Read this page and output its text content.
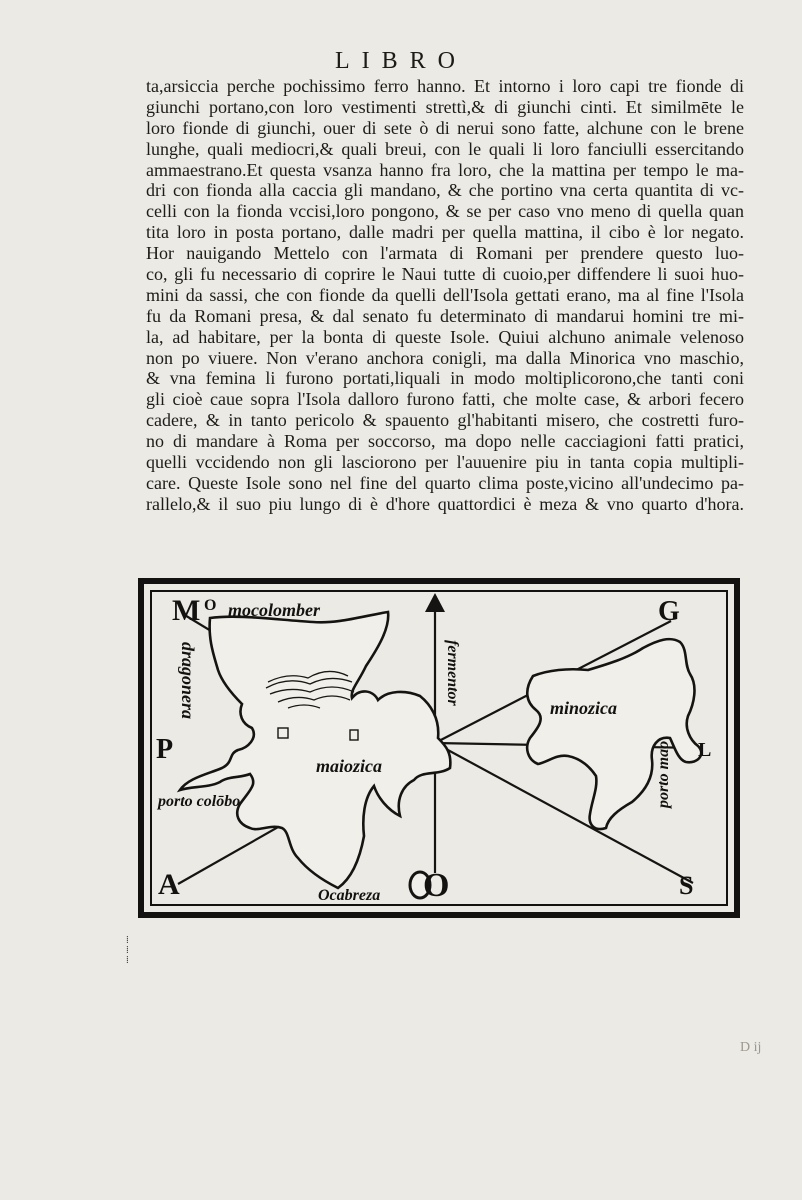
LIBRO
ta,arsiccia perche pochissimo ferro hanno. Et intorno i loro capi tre fionde di
giunchi portano,con loro vestimenti strettì,& di giunchi cinti. Et similmēte le
loro fionde di giunchi, ouer di sete ò di nerui sono fatte, alchune con le brene
lunghe, quali mediocri,& quali breui, con le quali li loro fanciulli essercitando
ammaestrano.Et questa vsanza hanno fra loro, che la mattina per tempo le ma-
dri con fionda alla caccia gli mandano, & che portino vna certa quantita di vc-
celli con la fionda vccisi,loro pongono, & se per caso vno meno di quella quan
tita loro in posta portano, dalle madri per quella mattina, il cibo è lor negato.
Hor nauigando Mettelo con l'armata di Romani per prendere questo luo-
co, gli fu necessario di coprire le Naui tutte di cuoio,per diffendere li suoi huo-
mini da sassi, che con fionde da quelli dell'Isola gettati erano, ma al fine l'Isola
fu da Romani presa, & dal senato fu determinato di mandarui homini tre mi-
la, ad habitare, per la bonta di queste Isole. Quiui alchuno animale velenoso
non po viuere. Non v'erano anchora conigli, ma dalla Minorica vno maschio,
& vna femina li furono portati,liquali in modo moltiplicorono,che tanti coni
gli cioè caue sopra l'Isola dalloro furono fatti, che molte case, & arbori fecero
cadere, & in tanto pericolo & spauento gl'habitanti misero, che costretti furo-
no di mandare à Roma per soccorso, ma dopo nelle cacciagioni fatti pratici,
quelli vccidendo non gli lasciorono per l'auuenire piu in tanta copia multipli-
care. Queste Isole sono nel fine del quarto clima poste,vicino all'undecimo pa-
rallelo,& il suo piu lungo di è d'hore quattordici è meza & vno quarto d'hora.
M O	G
P	L
A	S
O
mocolomber
maiozica
minozica
porto colōbo
Ocabreza
dragonera	fermentor
porto mao
⁞
⁞
⁞
D ij
